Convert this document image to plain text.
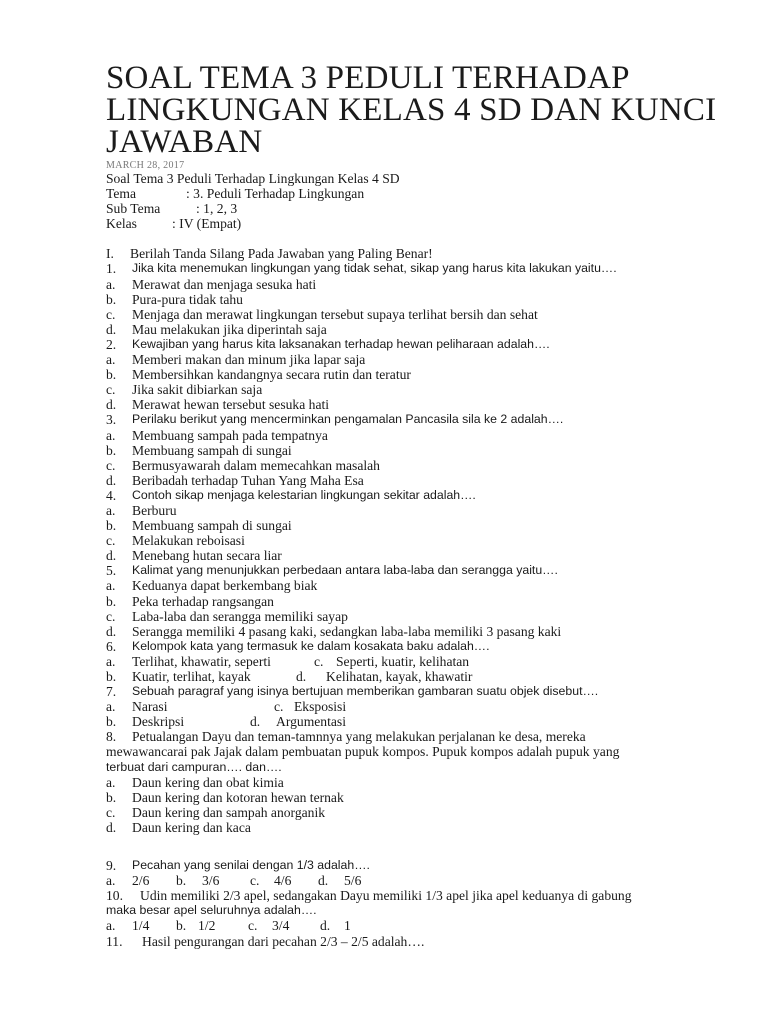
SOAL TEMA 3 PEDULI TERHADAP
LINGKUNGAN KELAS 4 SD DAN KUNCI
JAWABAN
MARCH 28, 2017
Soal Tema 3 Peduli Terhadap Lingkungan Kelas 4 SD
Tema	: 3. Peduli Terhadap Lingkungan
Sub Tema	: 1, 2, 3
Kelas	: IV (Empat)
I.	Berilah Tanda Silang Pada Jawaban yang Paling Benar!
1.	Jika kita menemukan lingkungan yang tidak sehat, sikap yang harus kita lakukan yaitu….
a.	Merawat dan menjaga sesuka hati
b.	Pura-pura tidak tahu
c.	Menjaga dan merawat lingkungan tersebut supaya terlihat bersih dan sehat
d.	Mau melakukan jika diperintah saja
2.	Kewajiban yang harus kita laksanakan terhadap hewan peliharaan adalah….
a.	Memberi makan dan minum jika lapar saja
b.	Membersihkan kandangnya secara rutin dan teratur
c.	Jika sakit dibiarkan saja
d.	Merawat hewan tersebut sesuka hati
3.	Perilaku berikut yang mencerminkan pengamalan Pancasila sila ke 2 adalah….
a.	Membuang sampah pada tempatnya
b.	Membuang sampah di sungai
c.	Bermusyawarah dalam memecahkan masalah
d.	Beribadah terhadap Tuhan Yang Maha Esa
4.	Contoh sikap menjaga kelestarian lingkungan sekitar adalah….
a.	Berburu
b.	Membuang sampah di sungai
c.	Melakukan reboisasi
d.	Menebang hutan secara liar
5.	Kalimat yang menunjukkan perbedaan antara laba-laba dan serangga yaitu….
a.	Keduanya dapat berkembang biak
b.	Peka terhadap rangsangan
c.	Laba-laba dan serangga memiliki sayap
d.	Serangga memiliki 4 pasang kaki, sedangkan laba-laba memiliki 3 pasang kaki
6.	Kelompok kata yang termasuk ke dalam kosakata baku adalah….
a.	Terlihat, khawatir, seperti	c. Seperti, kuatir, kelihatan
b.	Kuatir, terlihat, kayak	d.	Kelihatan, kayak, khawatir
7.	Sebuah paragraf yang isinya bertujuan memberikan gambaran suatu objek disebut….
a.	Narasi	c. Eksposisi
b.	Deskripsi	d.	Argumentasi
8.	Petualangan Dayu dan teman-tamnnya yang melakukan perjalanan ke desa, mereka
mewawancarai pak Jajak dalam pembuatan pupuk kompos. Pupuk kompos adalah pupuk yang
terbuat dari campuran…. dan….
a.	Daun kering dan obat kimia
b.	Daun kering dan kotoran hewan ternak
c.	Daun kering dan sampah anorganik
d.	Daun kering dan kaca
9.	Pecahan yang senilai dengan 1/3 adalah….
a.	2/6	b.	3/6	c.	4/6	d.	5/6
10.	Udin memiliki 2/3 apel, sedangakan Dayu memiliki 1/3 apel jika apel keduanya di gabung
maka besar apel seluruhnya adalah….
a.	1/4	b. 1/2	c.	3/4	d.	1
11.	Hasil pengurangan dari pecahan 2/3 – 2/5 adalah….
